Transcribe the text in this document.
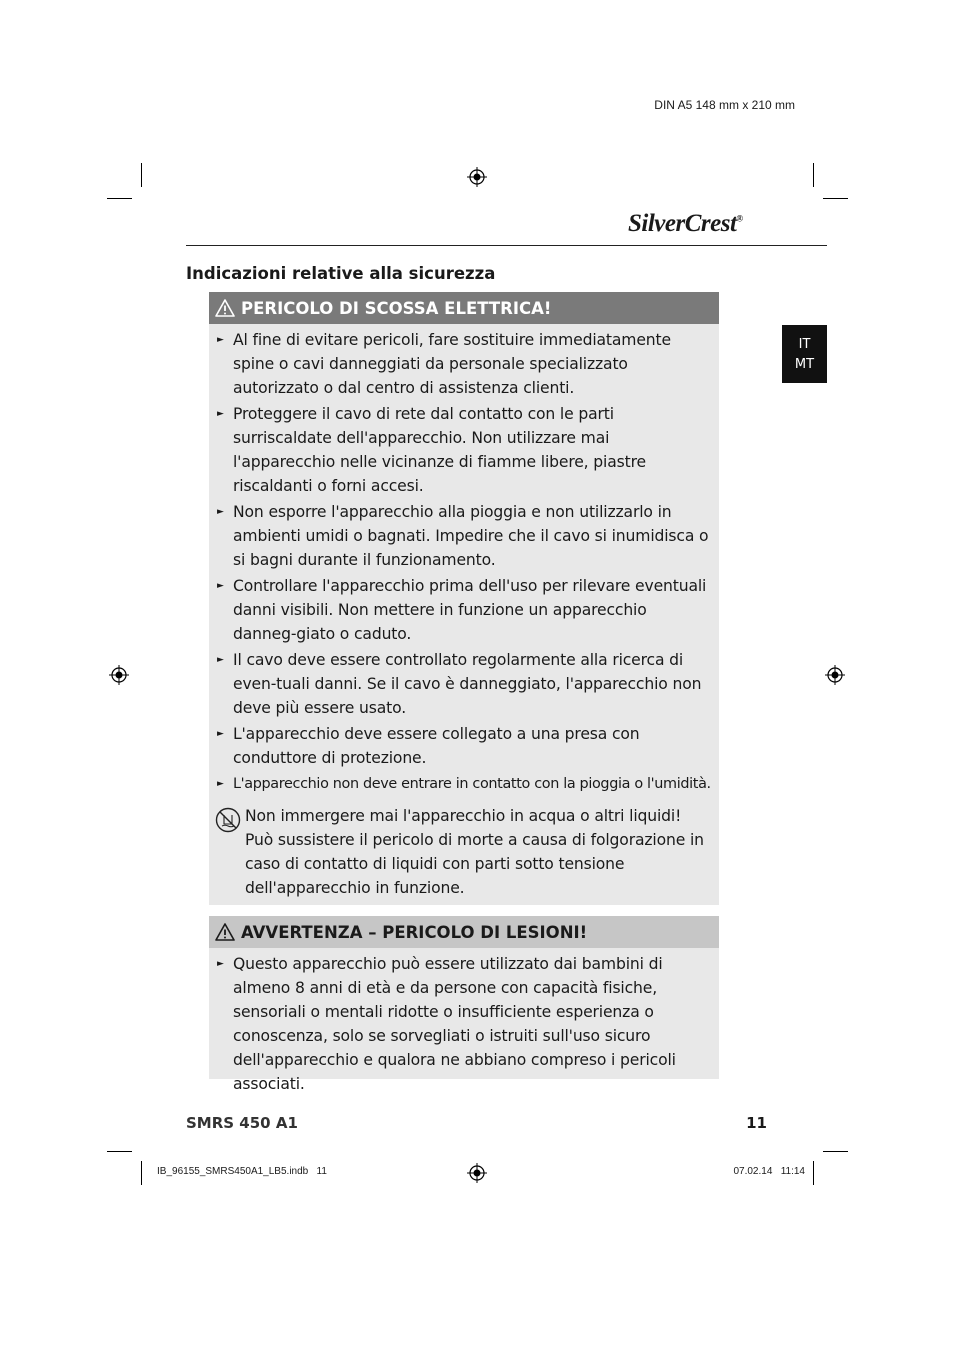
DIN A5 148 mm x 210 mm
SilverCrest®
Indicazioni relative alla sicurezza
IT
MT
PERICOLO DI SCOSSA ELETTRICA!
► Al fine di evitare pericoli, fare sostituire immediatamente spine o cavi danneggiati da personale specializzato autorizzato o dal centro di assistenza clienti.
► Proteggere il cavo di rete dal contatto con le parti surriscaldate dell'apparecchio. Non utilizzare mai l'apparecchio nelle vicinanze di fiamme libere, piastre riscaldanti o forni accesi.
► Non esporre l'apparecchio alla pioggia e non utilizzarlo in ambienti umidi o bagnati. Impedire che il cavo si inumidisca o si bagni durante il funzionamento.
► Controllare l'apparecchio prima dell'uso per rilevare eventuali danni visibili. Non mettere in funzione un apparecchio danneg-giato o caduto.
► Il cavo deve essere controllato regolarmente alla ricerca di even-tuali danni. Se il cavo è danneggiato, l'apparecchio non deve più essere usato.
► L'apparecchio deve essere collegato a una presa con conduttore di protezione.
► L'apparecchio non deve entrare in contatto con la pioggia o l'umidità.
Non immergere mai l'apparecchio in acqua o altri liquidi! Può sussistere il pericolo di morte a causa di folgorazione in caso di contatto di liquidi con parti sotto tensione dell'apparecchio in funzione.
AVVERTENZA – PERICOLO DI LESIONI!
► Questo apparecchio può essere utilizzato dai bambini di almeno 8 anni di età e da persone con capacità fisiche, sensoriali o mentali ridotte o insufficiente esperienza o conoscenza, solo se sorvegliati o istruiti sull'uso sicuro dell'apparecchio e qualora ne abbiano compreso i pericoli associati.
SMRS 450 A1	11
IB_96155_SMRS450A1_LB5.indb   11	07.02.14   11:14
